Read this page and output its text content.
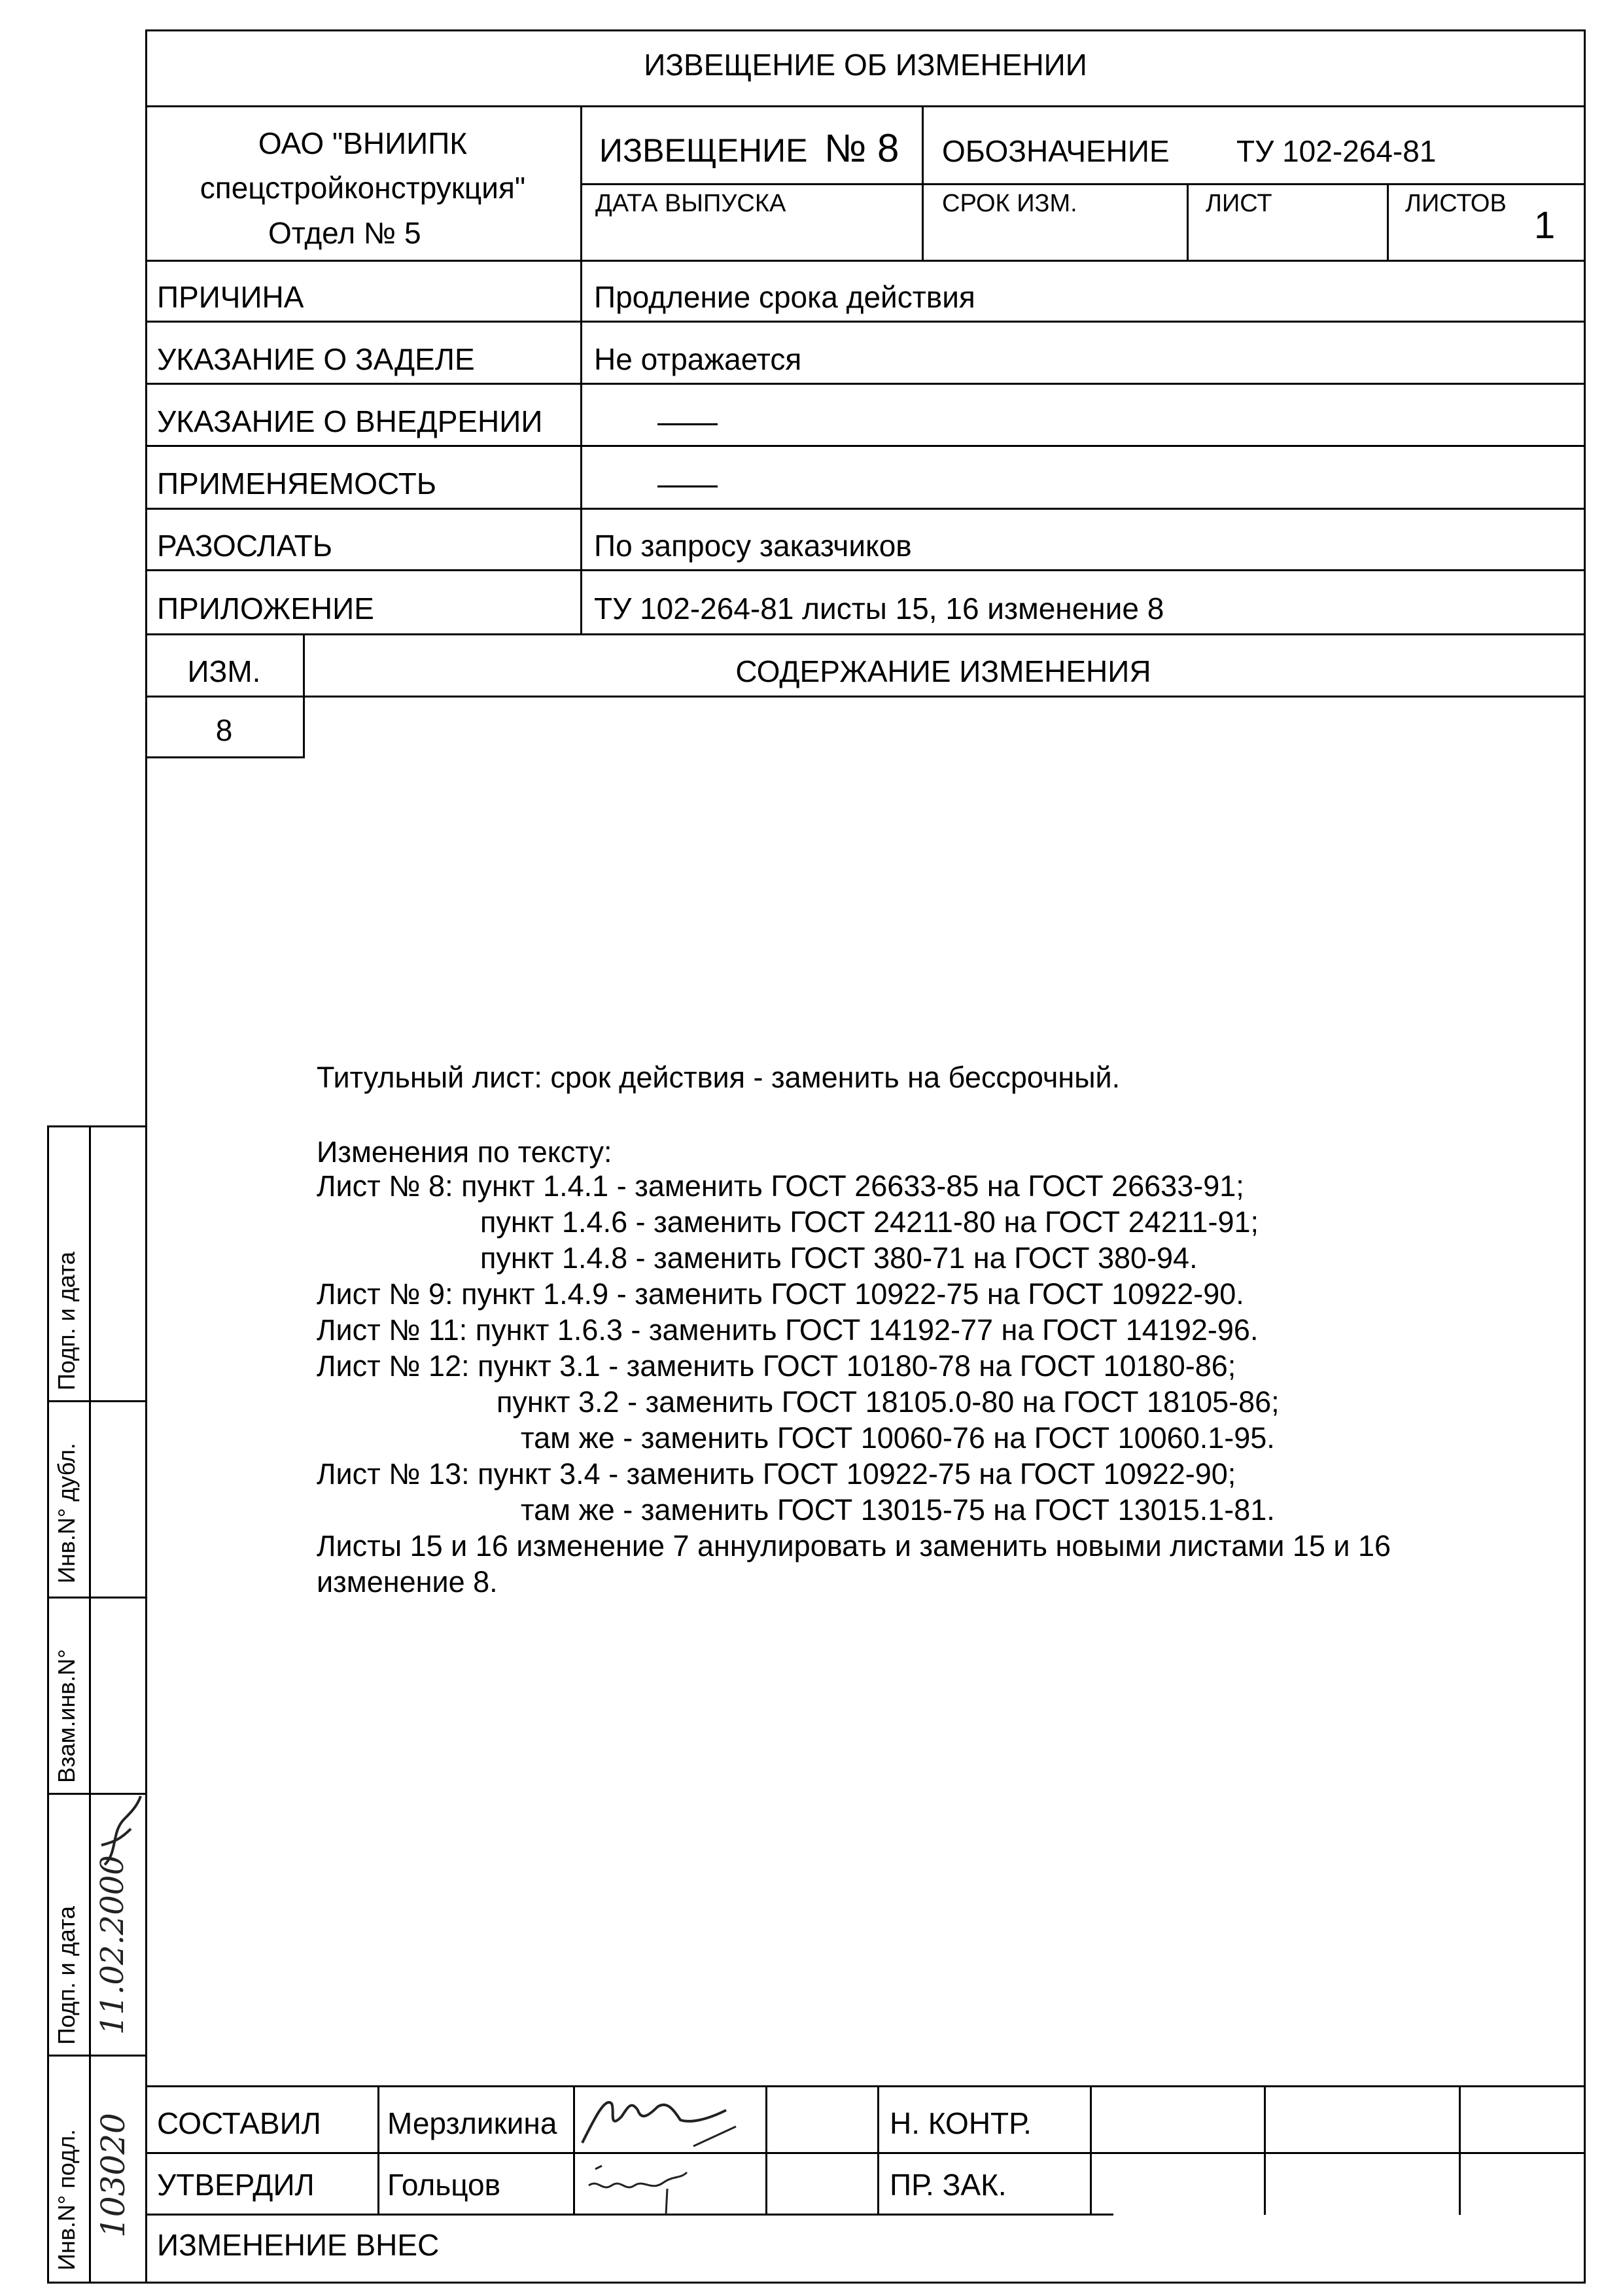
ИЗВЕЩЕНИЕ ОБ ИЗМЕНЕНИИ
ОАО "ВНИИПК
спецстройконструкция"
Отдел № 5
ИЗВЕЩЕНИЕ № 8 ОБОЗНАЧЕНИЕ ТУ 102-264-81
ДАТА ВЫПУСКА	СРОК ИЗМ.	ЛИСТ	ЛИСТОВ
1
ПРИЧИНА	Продление срока действия
УКАЗАНИЕ О ЗАДЕЛЕ	Не отражается
УКАЗАНИЕ О ВНЕДРЕНИИ	——
ПРИМЕНЯЕМОСТЬ	——
РАЗОСЛАТЬ	По запросу заказчиков
ПРИЛОЖЕНИЕ	ТУ 102-264-81 листы 15, 16 изменение 8
ИЗМ.	СОДЕРЖАНИЕ ИЗМЕНЕНИЯ
8
Титульный лист: срок действия - заменить на бессрочный.
Изменения по тексту:
Лист № 8: пункт 1.4.1 - заменить ГОСТ 26633-85 на ГОСТ 26633-91;
пункт 1.4.6 - заменить ГОСТ 24211-80 на ГОСТ 24211-91;
пункт 1.4.8 - заменить ГОСТ 380-71 на ГОСТ 380-94.
Лист № 9: пункт 1.4.9 - заменить ГОСТ 10922-75 на ГОСТ 10922-90.
Лист № 11: пункт 1.6.3 - заменить ГОСТ 14192-77 на ГОСТ 14192-96.
Лист № 12: пункт 3.1 - заменить ГОСТ 10180-78 на ГОСТ 10180-86;
пункт 3.2 - заменить ГОСТ 18105.0-80 на ГОСТ 18105-86;
там же - заменить ГОСТ 10060-76 на ГОСТ 10060.1-95.
Лист № 13: пункт 3.4 - заменить ГОСТ 10922-75 на ГОСТ 10922-90;
там же - заменить ГОСТ 13015-75 на ГОСТ 13015.1-81.
Листы 15 и 16 изменение 7 аннулировать и заменить новыми листами 15 и 16
изменение 8.
Подп. и дата
Инв.N° дубл.
Взам.инв.N°
Подп. и дата
Инв.N° подл.
11.02.2000
103020 СОСТАВИЛ Мерзликина	Н. КОНТР.
УТВЕРДИЛ Гольцов	ПР. ЗАК.
ИЗМЕНЕНИЕ ВНЕС
